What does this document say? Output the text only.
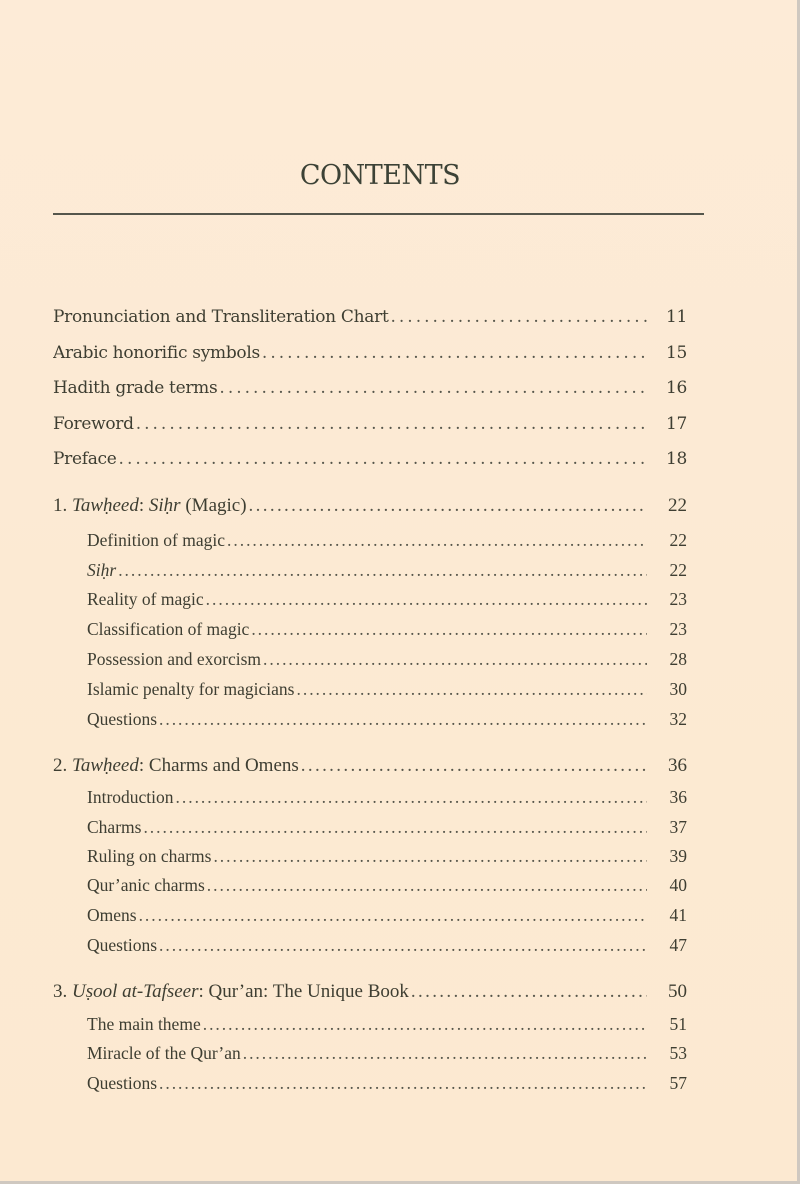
CONTENTS
Pronunciation and Transliteration Chart . . .	11
Arabic honorific symbols . . .	15
Hadith grade terms . . .	16
Foreword . . .	17
Preface . . .	18
1. Tawḥeed: Siḥr (Magic) . . .	22
Definition of magic . . .	22
Siḥr . . .	22
Reality of magic . . .	23
Classification of magic . . .	23
Possession and exorcism . . .	28
Islamic penalty for magicians . . .	30
Questions . . .	32
2. Tawḥeed: Charms and Omens . . .	36
Introduction . . .	36
Charms . . .	37
Ruling on charms . . .	39
Qur’anic charms . . .	40
Omens . . .	41
Questions . . .	47
3. Uṣool at-Tafseer: Qur’an: The Unique Book . . .	50
The main theme . . .	51
Miracle of the Qur’an . . .	53
Questions . . .	57
